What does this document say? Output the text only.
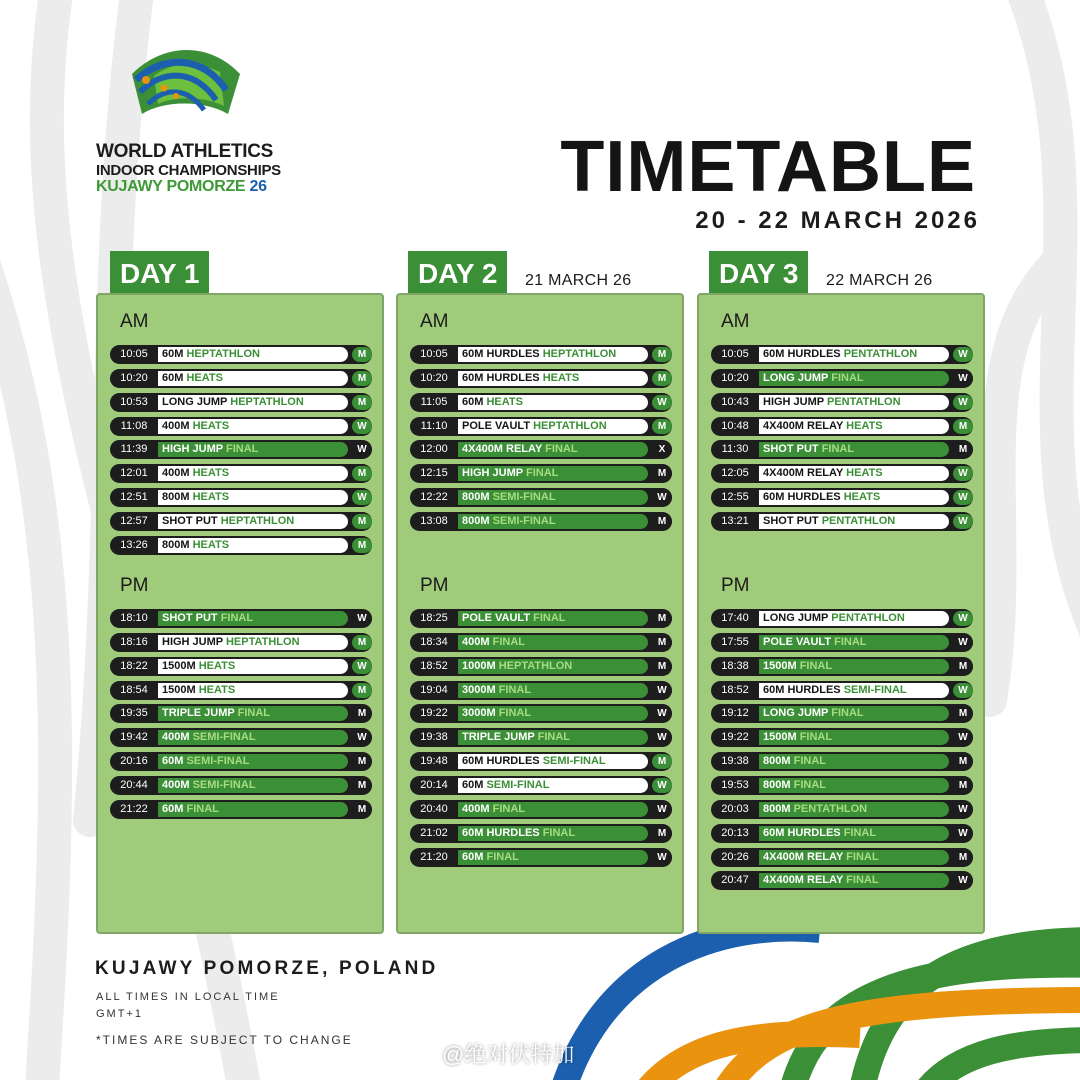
WORLD ATHLETICS
INDOOR CHAMPIONSHIPS
KUJAWY POMORZE 26	TIMETABLE
20 - 22 MARCH 2026
DAY 1	DAY 2	21 MARCH 26	DAY 3	22 MARCH 26
AM
PM
10:05	60M HEPTATHLON	M
10:20	60M HEATS	M
10:53	LONG JUMP HEPTATHLON	M
11:08	400M HEATS	W
11:39	HIGH JUMP FINAL	W
12:01	400M HEATS	M
12:51	800M HEATS	W
12:57	SHOT PUT HEPTATHLON	M
13:26	800M HEATS	M
18:10	SHOT PUT FINAL	W
18:16	HIGH JUMP HEPTATHLON	M
18:22	1500M HEATS	W
18:54	1500M HEATS	M
19:35	TRIPLE JUMP FINAL	M
19:42	400M SEMI-FINAL	W
20:16	60M SEMI-FINAL	M
20:44	400M SEMI-FINAL	M
21:22	60M FINAL	M
AM
PM
10:05	60M HURDLES HEPTATHLON	M
10:20	60M HURDLES HEATS	M
11:05	60M HEATS	W
11:10	POLE VAULT HEPTATHLON	M
12:00	4X400M RELAY FINAL	X
12:15	HIGH JUMP FINAL	M
12:22	800M SEMI-FINAL	W
13:08	800M SEMI-FINAL	M
18:25	POLE VAULT FINAL	M
18:34	400M FINAL	M
18:52	1000M HEPTATHLON	M
19:04	3000M FINAL	W
19:22	3000M FINAL	W
19:38	TRIPLE JUMP FINAL	W
19:48	60M HURDLES SEMI-FINAL	M
20:14	60M SEMI-FINAL	W
20:40	400M FINAL	W
21:02	60M HURDLES FINAL	M
21:20	60M FINAL	W
AM
PM
10:05	60M HURDLES PENTATHLON	W
10:20	LONG JUMP FINAL	W
10:43	HIGH JUMP PENTATHLON	W
10:48	4X400M RELAY HEATS	M
11:30	SHOT PUT FINAL	M
12:05	4X400M RELAY HEATS	W
12:55	60M HURDLES HEATS	W
13:21	SHOT PUT PENTATHLON	W
17:40	LONG JUMP PENTATHLON	W
17:55	POLE VAULT FINAL	W
18:38	1500M FINAL	M
18:52	60M HURDLES SEMI-FINAL	W
19:12	LONG JUMP FINAL	M
19:22	1500M FINAL	W
19:38	800M FINAL	M
19:53	800M FINAL	M
20:03	800M PENTATHLON	W
20:13	60M HURDLES FINAL	W
20:26	4X400M RELAY FINAL	M
20:47	4X400M RELAY FINAL	W
KUJAWY POMORZE, POLAND
ALL TIMES IN LOCAL TIME
GMT+1
*TIMES ARE SUBJECT TO CHANGE
@绝对伏特加
